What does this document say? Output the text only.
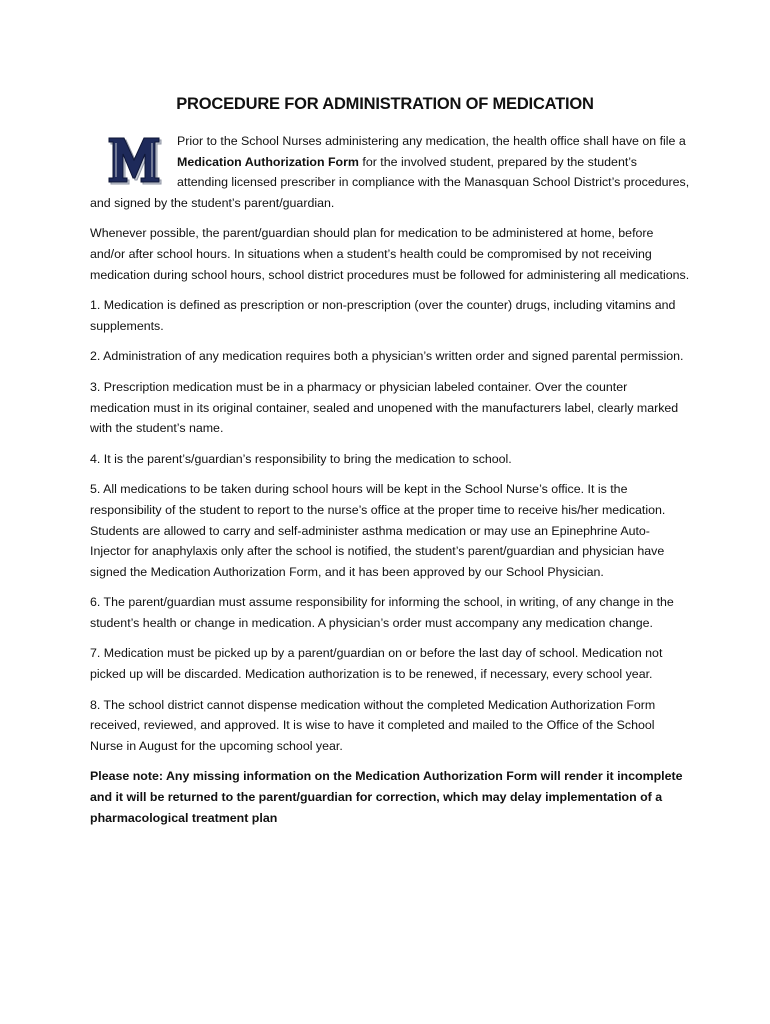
PROCEDURE FOR ADMINISTRATION OF MEDICATION

M
Prior to the School Nurses administering any medication, the health office shall have on file a Medication Authorization Form for the involved student, prepared by the student’s attending licensed prescriber in compliance with the Manasquan School District’s procedures, and signed by the student’s parent/guardian.

Whenever possible, the parent/guardian should plan for medication to be administered at home, before and/or after school hours. In situations when a student’s health could be compromised by not receiving medication during school hours, school district procedures must be followed for administering all medications.

1. Medication is defined as prescription or non-prescription (over the counter) drugs, including vitamins and supplements.

2. Administration of any medication requires both a physician’s written order and signed parental permission.

3. Prescription medication must be in a pharmacy or physician labeled container. Over the counter medication must in its original container, sealed and unopened with the manufacturers label, clearly marked with the student’s name.

4. It is the parent’s/guardian’s responsibility to bring the medication to school.

5. All medications to be taken during school hours will be kept in the School Nurse’s office. It is the responsibility of the student to report to the nurse’s office at the proper time to receive his/her medication. Students are allowed to carry and self-administer asthma medication or may use an Epinephrine Auto-Injector for anaphylaxis only after the school is notified, the student’s parent/guardian and physician have signed the Medication Authorization Form, and it has been approved by our School Physician.

6. The parent/guardian must assume responsibility for informing the school, in writing, of any change in the student’s health or change in medication. A physician’s order must accompany any medication change.

7. Medication must be picked up by a parent/guardian on or before the last day of school. Medication not picked up will be discarded. Medication authorization is to be renewed, if necessary, every school year.

8. The school district cannot dispense medication without the completed Medication Authorization Form received, reviewed, and approved. It is wise to have it completed and mailed to the Office of the School Nurse in August for the upcoming school year.

Please note: Any missing information on the Medication Authorization Form will render it incomplete and it will be returned to the parent/guardian for correction, which may delay implementation of a pharmacological treatment plan
